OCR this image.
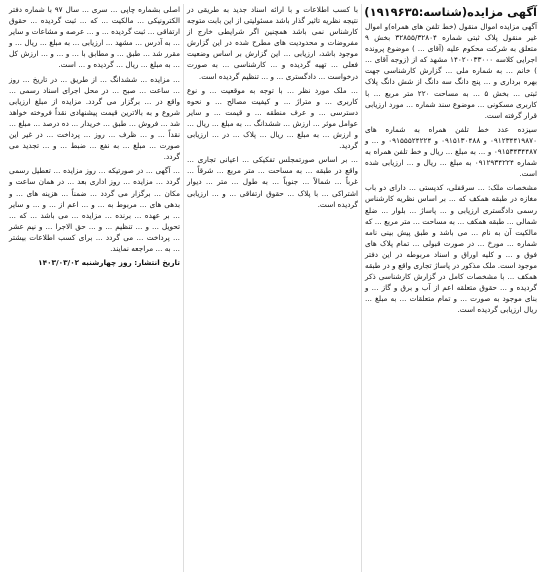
آگهی مزایده(شناسه:۱۹۱۹۶۳۵)
آگهی مزایده اموال منقول (خط تلفن های همراه)و اموال غیر منقول پلاک ثبتی شماره ۳۲۸۵۵/۳۲۸۰۴ بخش ۹ متعلق به شرکت محکوم علیه (آقای ... ) موضوع پرونده اجرایی کلاسه ۱۴۰۲۰۰۳۳۰۰۰ مشهد که از (زوجه آقای ... ) خانم ... به شماره ملی ... گزارش کارشناسی جهت بهره برداری و ... پنج دانگ سه دانگ از شش دانگ پلاک ثبتی ... بخش ۵ ... به مساحت ۲۲۰ متر مربع ... با کاربری مسکونی ... موضوع سند شماره ... مورد ارزیابی قرار گرفته است.
سیزده عدد خط تلفن همراه به شماره های ۰۹۱۲۳۴۴۱۹۸۷۰ و ۰۹۱۵۱۳۰۴۸۸ و ۰۹۱۵۵۵۲۴۲۲۴ و ... و ۰۹۱۵۳۴۳۴۴۸۷ و ... به مبلغ ... ریال و خط تلفن همراه به شماره ۰۹۱۲۹۳۴۲۲۴ به مبلغ ... ریال و ... ارزیابی شده است.
مشخصات ملک: ... سرقفلی، کدپستی ... دارای دو باب مغازه در طبقه همکف که ... بر اساس نظریه کارشناس رسمی دادگستری ارزیابی و ... پاساژ ... بلوار ... ضلع شمالی ... طبقه همکف ... به مساحت ... متر مربع ... که مالکیت آن به نام ... می باشد و طبق پیش بینی نامه شماره ... مورخ ... در صورت قبولی ... تمام پلاک های فوق و ... و کلیه اوراق و اسناد مربوطه در این دفتر موجود است. ملک مذکور در پاساژ تجاری واقع و در طبقه همکف ... با مشخصات کامل در گزارش کارشناسی ذکر گردیده و ... حقوق متعلقه اعم از آب و برق و گاز ... و بنای موجود به صورت ... و تمام متعلقات ... به مبلغ ... ریال ارزیابی گردیده است.
با کسب اطلاعات و با ارائه اسناد جدید به طریقی در نتیجه نظریه تاثیر گذار باشد مسئولیتی از این بابت متوجه کارشناس نمی باشد همچنین اگر شرایطی خارج از مفروضات و محدودیت های مطرح شده در این گزارش موجود باشد، ارزیابی ... این گزارش بر اساس وضعیت فعلی ... تهیه گردیده و ... کارشناسی ... به صورت درخواست ... دادگستری ... و ... تنظیم گردیده است.
... ملک مورد نظر ... با توجه به موقعیت ... و نوع کاربری ... و متراژ ... و کیفیت مصالح ... و نحوه دسترسی ... و عرف منطقه ... و قیمت ... و سایر عوامل موثر ... ارزش ... ششدانگ ... به مبلغ ... ریال ... و ارزش ... به مبلغ ... ریال ... پلاک ... در ... ارزیابی گردید.
... بر اساس صورتمجلس تفکیکی ... اعیانی تجاری ... واقع در طبقه ... به مساحت ... متر مربع ... شرقاً ... غرباً ... شمالاً ... جنوباً ... به طول ... متر ... دیوار اشتراکی ... با پلاک ... حقوق ارتفاقی ... و ... ارزیابی گردیده است.
اصلی بشماره چاپی ... سری ... سال ۹۷ با شماره دفتر الکترونیکی ... مالکیت ... که ... ثبت گردیده ... حقوق ارتفاقی ... ثبت گردیده ... و ... عرصه و مشاعات و سایر ... به آدرس ... مشهد ... ارزیابی ... به مبلغ ... ریال ... و مقرر شد ... طبق ... و مطابق با ... و ... و ... ارزش کل ... به مبلغ ... ریال ... گردیده و ... است.
... مزایده ... ششدانگ ... از طریق ... در تاریخ ... روز ... ساعت ... صبح ... در محل اجرای اسناد رسمی ... واقع در ... برگزار می گردد. مزایده از مبلغ ارزیابی شروع و به بالاترین قیمت پیشنهادی نقداً فروخته خواهد شد ... فروش ... طبق ... خریدار ... ده درصد ... مبلغ ... نقداً ... و ... ظرف ... روز ... پرداخت ... در غیر این صورت ... مبلغ ... به نفع ... ضبط ... و ... تجدید می گردد.
... آگهی ... در صورتیکه ... روز مزایده ... تعطیل رسمی گردد ... مزایده ... روز اداری بعد ... در همان ساعت و مکان ... برگزار می گردد ... ضمناً ... هزینه های ... و بدهی های ... مربوط به ... و ... اعم از ... و ... و سایر ... بر عهده ... برنده ... مزایده ... می باشد ... که ... تحویل ... و ... تنظیم ... و ... حق الاجرا ... و نیم عشر ... پرداخت ... می گردد ... برای کسب اطلاعات بیشتر ... به ... مراجعه نمایند.
تاریخ انتشار: روز چهارشنبه ۱۴۰۳/۰۳/۰۲
